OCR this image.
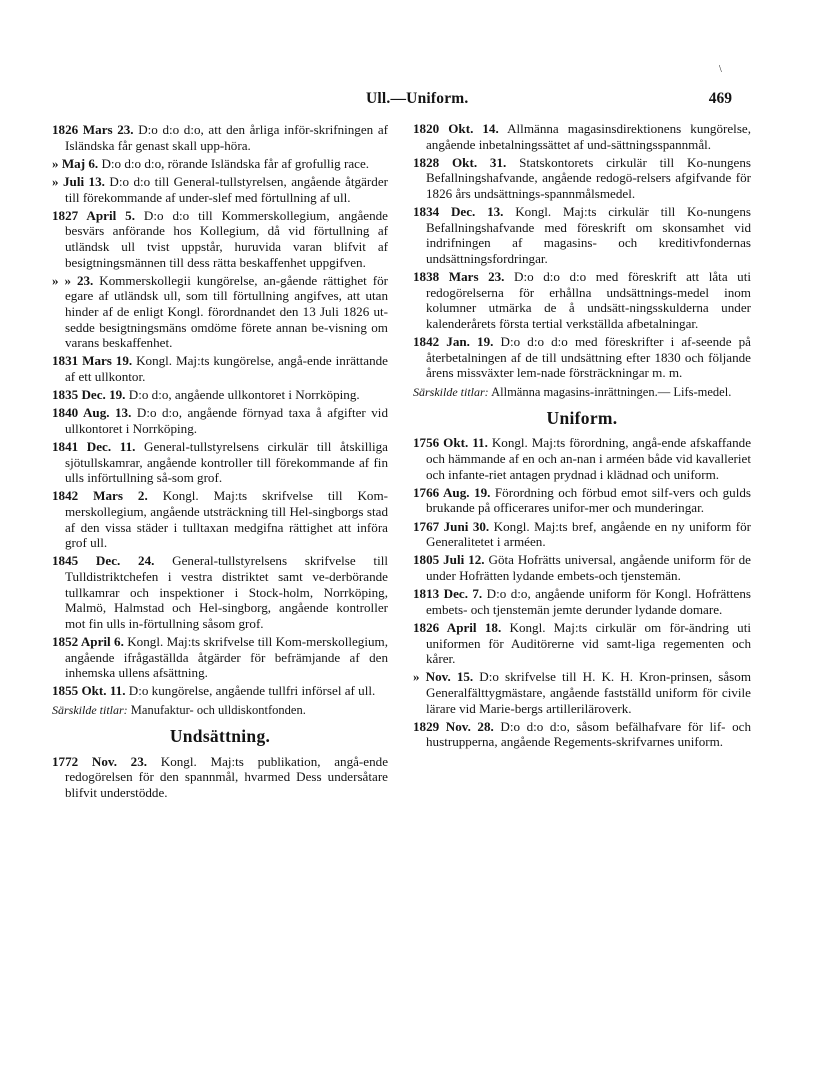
Ull.—Uniform.	469
\
1826 Mars 23. D:o d:o d:o, att den årliga inför-skrifningen af Isländska får genast skall upp-höra.
» Maj 6. D:o d:o d:o, rörande Isländska får af grofullig race.
» Juli 13. D:o d:o till General-tullstyrelsen, angående åtgärder till förekommande af under-slef med förtullning af ull.
1827 April 5. D:o d:o till Kommerskollegium, angående besvärs anförande hos Kollegium, då vid förtullning af utländsk ull tvist uppstår, huruvida varan blifvit af besigtningsmännen till dess rätta beskaffenhet uppgifven.
» » 23. Kommerskollegii kungörelse, an-gående rättighet för egare af utländsk ull, som till förtullning angifves, att utan hinder af de enligt Kongl. förordnandet den 13 Juli 1826 ut-sedde besigtningsmäns omdöme förete annan be-visning om varans beskaffenhet.
1831 Mars 19. Kongl. Maj:ts kungörelse, angå-ende inrättande af ett ullkontor.
1835 Dec. 19. D:o d:o, angående ullkontoret i Norrköping.
1840 Aug. 13. D:o d:o, angående förnyad taxa å afgifter vid ullkontoret i Norrköping.
1841 Dec. 11. General-tullstyrelsens cirkulär till åtskilliga sjötullskamrar, angående kontroller till förekommande af fin ulls införtullning så-som grof.
1842 Mars 2. Kongl. Maj:ts skrifvelse till Kom-merskollegium, angående utsträckning till Hel-singborgs stad af den vissa städer i tulltaxan medgifna rättighet att införa grof ull.
1845 Dec. 24. General-tullstyrelsens skrifvelse till Tulldistriktchefen i vestra distriktet samt ve-derbörande tullkamrar och inspektioner i Stock-holm, Norrköping, Malmö, Halmstad och Hel-singborg, angående kontroller mot fin ulls in-förtullning såsom grof.
1852 April 6. Kongl. Maj:ts skrifvelse till Kom-merskollegium, angående ifrågaställda åtgärder för befrämjande af den inhemska ullens afsättning.
1855 Okt. 11. D:o kungörelse, angående tullfri införsel af ull.
Särskilde titlar: Manufaktur- och ulldiskontfonden.
Undsättning.
1772 Nov. 23. Kongl. Maj:ts publikation, angå-ende redogörelsen för den spannmål, hvarmed Dess undersåtare blifvit understödde.
1820 Okt. 14. Allmänna magasinsdirektionens kungörelse, angående inbetalningssättet af und-sättningsspannmål.
1828 Okt. 31. Statskontorets cirkulär till Ko-nungens Befallningshafvande, angående redogö-relsers afgifvande för 1826 års undsättnings-spannmålsmedel.
1834 Dec. 13. Kongl. Maj:ts cirkulär till Ko-nungens Befallningshafvande med föreskrift om skonsamhet vid indrifningen af magasins- och kreditivfondernas undsättningsfordringar.
1838 Mars 23. D:o d:o d:o med föreskrift att låta uti redogörelserna för erhållna undsättnings-medel inom kolumner utmärka de å undsätt-ningsskulderna under kalenderårets första tertial verkställda afbetalningar.
1842 Jan. 19. D:o d:o d:o med föreskrifter i af-seende på återbetalningen af de till undsättning efter 1830 och följande årens missväxter lem-nade försträckningar m. m.
Särskilde titlar: Allmänna magasins-inrättningen.— Lifs-medel.
Uniform.
1756 Okt. 11. Kongl. Maj:ts förordning, angå-ende afskaffande och hämmande af en och an-nan i arméen både vid kavalleriet och infante-riet antagen prydnad i klädnad och uniform.
1766 Aug. 19. Förordning och förbud emot silf-vers och gulds brukande på officerares unifor-mer och munderingar.
1767 Juni 30. Kongl. Maj:ts bref, angående en ny uniform för Generalitetet i arméen.
1805 Juli 12. Göta Hofrätts universal, angående uniform för de under Hofrätten lydande embets-och tjenstemän.
1813 Dec. 7. D:o d:o, angående uniform för Kongl. Hofrättens embets- och tjenstemän jemte derunder lydande domare.
1826 April 18. Kongl. Maj:ts cirkulär om för-ändring uti uniformen för Auditörerne vid samt-liga regementen och kårer.
» Nov. 15. D:o skrifvelse till H. K. H. Kron-prinsen, såsom Generalfälttygmästare, angående fastställd uniform för civile lärare vid Marie-bergs artilleriläroverk.
1829 Nov. 28. D:o d:o d:o, såsom befälhafvare för lif- och hustrupperna, angående Regements-skrifvarnes uniform.
